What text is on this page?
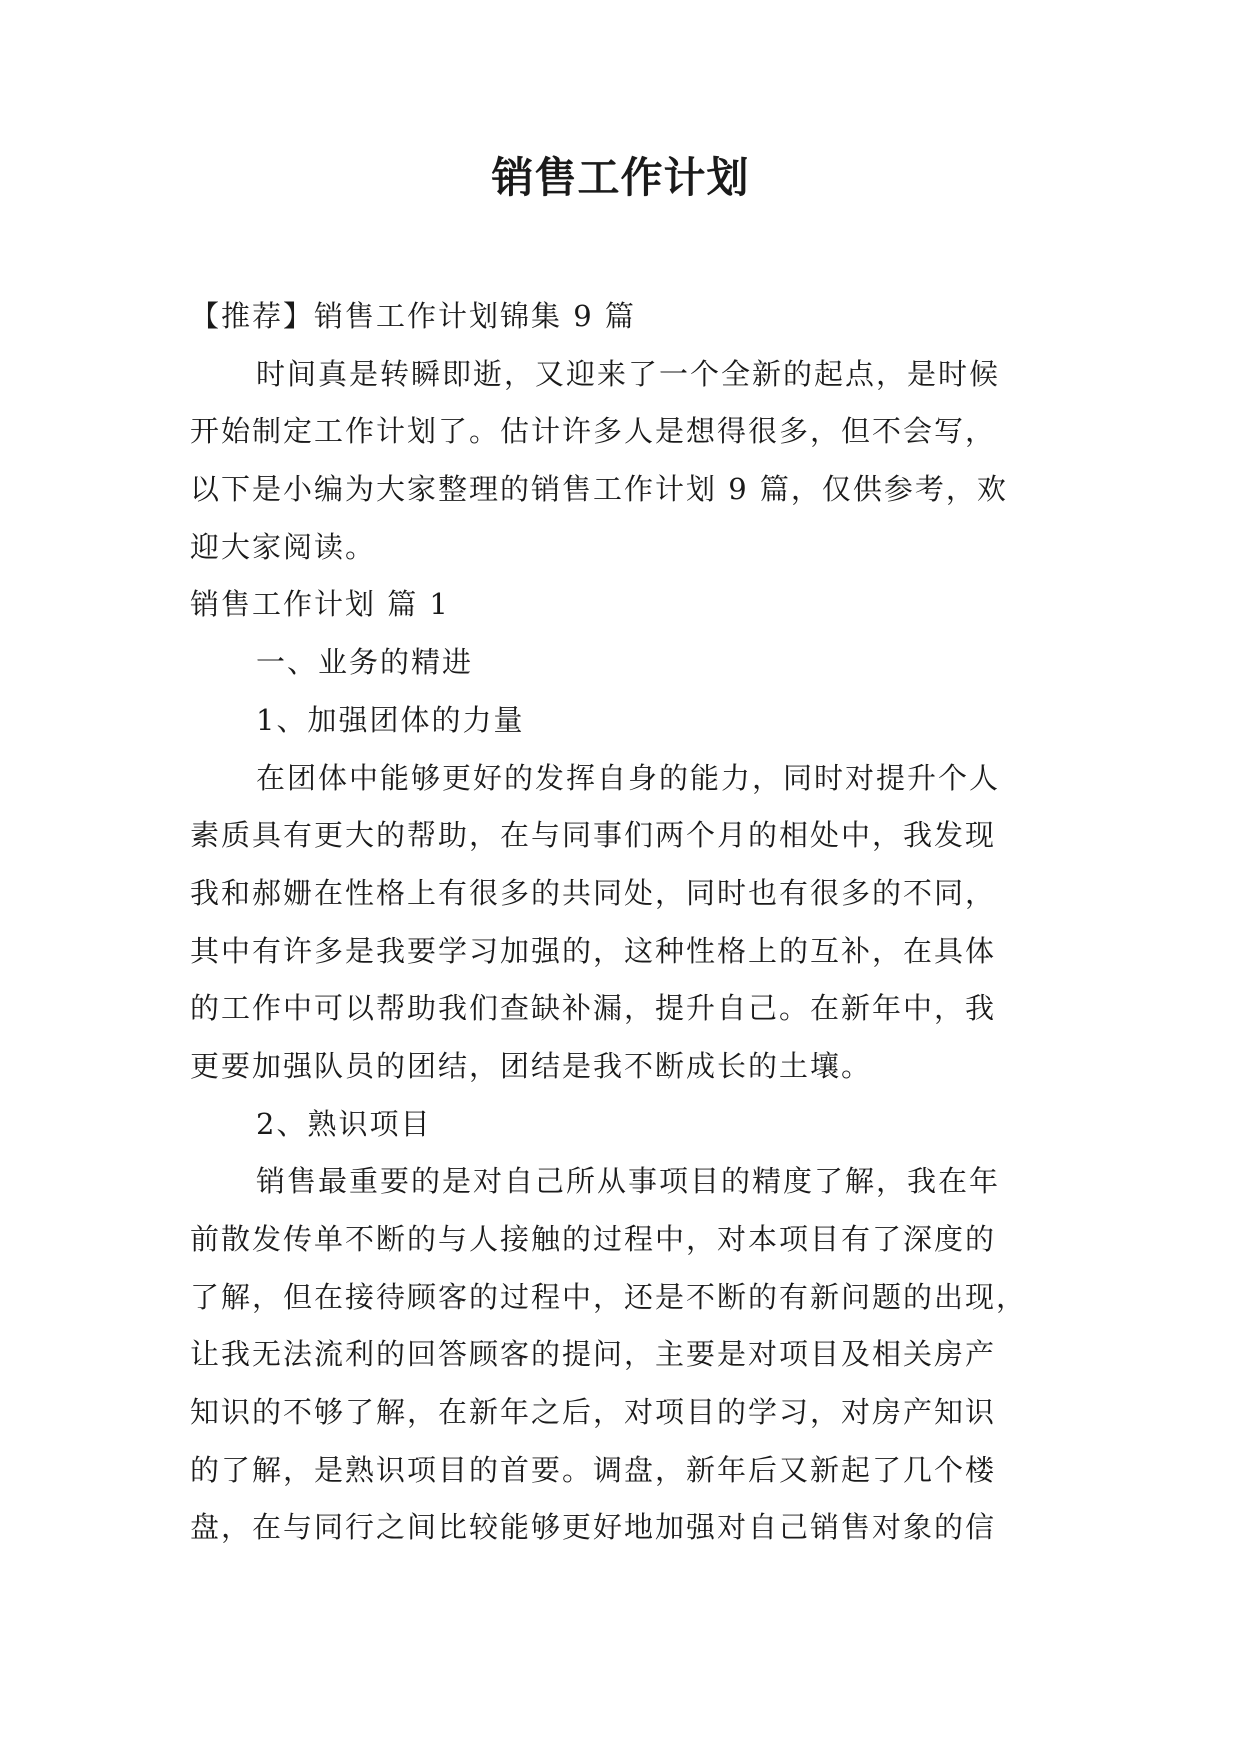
销售工作计划
【推荐】销售工作计划锦集 9 篇
时间真是转瞬即逝，又迎来了一个全新的起点，是时候
开始制定工作计划了。估计许多人是想得很多，但不会写，
以下是小编为大家整理的销售工作计划 9 篇，仅供参考，欢
迎大家阅读。
销售工作计划 篇 1
一、业务的精进
1、加强团体的力量
在团体中能够更好的发挥自身的能力，同时对提升个人
素质具有更大的帮助，在与同事们两个月的相处中，我发现
我和郝姗在性格上有很多的共同处，同时也有很多的不同，
其中有许多是我要学习加强的，这种性格上的互补，在具体
的工作中可以帮助我们查缺补漏，提升自己。在新年中，我
更要加强队员的团结，团结是我不断成长的土壤。
2、熟识项目
销售最重要的是对自己所从事项目的精度了解，我在年
前散发传单不断的与人接触的过程中，对本项目有了深度的
了解，但在接待顾客的过程中，还是不断的有新问题的出现，
让我无法流利的回答顾客的提问，主要是对项目及相关房产
知识的不够了解，在新年之后，对项目的学习，对房产知识
的了解，是熟识项目的首要。调盘，新年后又新起了几个楼
盘，在与同行之间比较能够更好地加强对自己销售对象的信
